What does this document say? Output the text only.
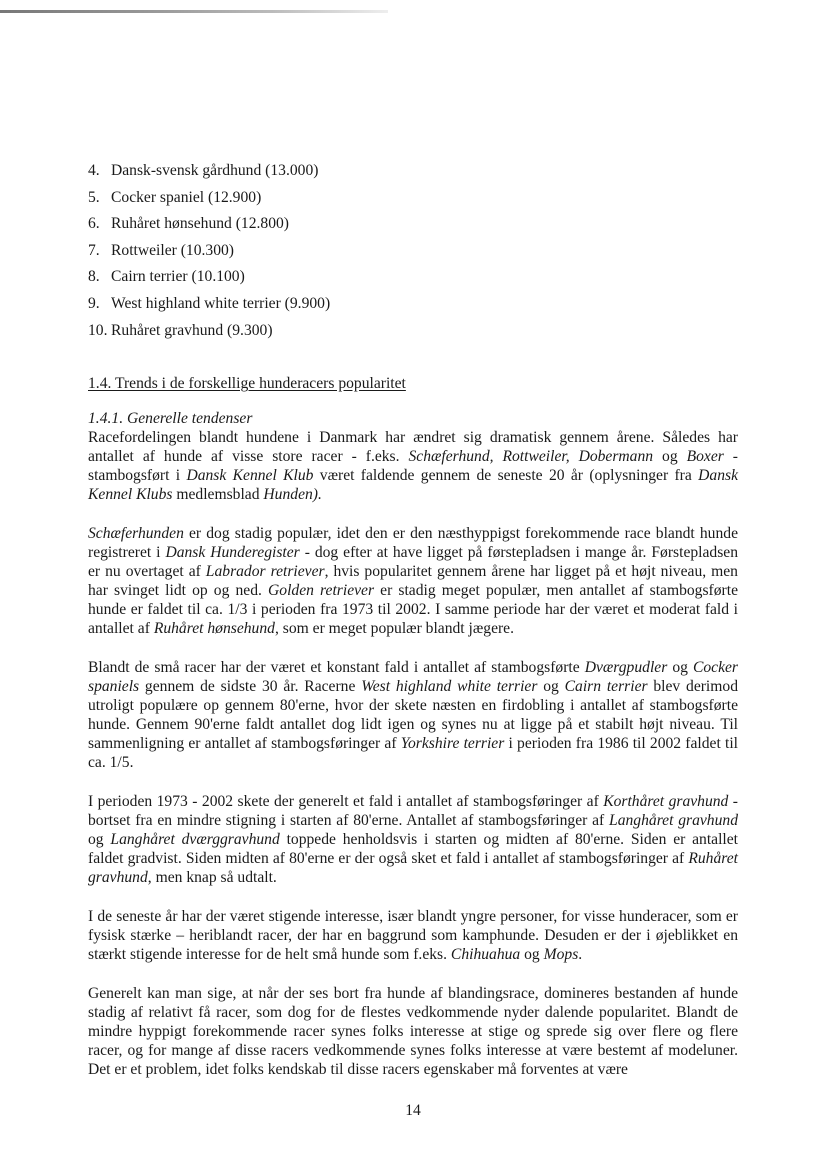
4. Dansk-svensk gårdhund (13.000)
5. Cocker spaniel (12.900)
6. Ruhåret hønsehund (12.800)
7. Rottweiler (10.300)
8. Cairn terrier (10.100)
9. West highland white terrier (9.900)
10. Ruhåret gravhund (9.300)
1.4. Trends i de forskellige hunderacers popularitet
1.4.1. Generelle tendenser

Racefordelingen blandt hundene i Danmark har ændret sig dramatisk gennem årene. Således har antallet af hunde af visse store racer - f.eks. Schæferhund, Rottweiler, Dobermann og Boxer - stambogsført i Dansk Kennel Klub været faldende gennem de seneste 20 år (oplysninger fra Dansk Kennel Klubs medlemsblad Hunden).

Schæferhunden er dog stadig populær, idet den er den næsthyppigst forekommende race blandt hunde registreret i Dansk Hunderegister - dog efter at have ligget på førstepladsen i mange år. Førstepladsen er nu overtaget af Labrador retriever, hvis popularitet gennem årene har ligget på et højt niveau, men har svinget lidt op og ned. Golden retriever er stadig meget populær, men antallet af stambogsførte hunde er faldet til ca. 1/3 i perioden fra 1973 til 2002. I samme periode har der været et moderat fald i antallet af Ruhåret hønsehund, som er meget populær blandt jægere.

Blandt de små racer har der været et konstant fald i antallet af stambogsførte Dværgpudler og Cocker spaniels gennem de sidste 30 år. Racerne West highland white terrier og Cairn terrier blev derimod utroligt populære op gennem 80'erne, hvor der skete næsten en firdobling i antallet af stambogsførte hunde. Gennem 90'erne faldt antallet dog lidt igen og synes nu at ligge på et stabilt højt niveau. Til sammenligning er antallet af stambogsføringer af Yorkshire terrier i perioden fra 1986 til 2002 faldet til ca. 1/5.

I perioden 1973 - 2002 skete der generelt et fald i antallet af stambogsføringer af Korthåret gravhund - bortset fra en mindre stigning i starten af 80'erne. Antallet af stambogsføringer af Langhåret gravhund og Langhåret dværggravhund toppede henholdsvis i starten og midten af 80'erne. Siden er antallet faldet gradvist. Siden midten af 80'erne er der også sket et fald i antallet af stambogsføringer af Ruhåret gravhund, men knap så udtalt.

I de seneste år har der været stigende interesse, især blandt yngre personer, for visse hunderacer, som er fysisk stærke – heriblandt racer, der har en baggrund som kamphunde. Desuden er der i øjeblikket en stærkt stigende interesse for de helt små hunde som f.eks. Chihuahua og Mops.

Generelt kan man sige, at når der ses bort fra hunde af blandingsrace, domineres bestanden af hunde stadig af relativt få racer, som dog for de flestes vedkommende nyder dalende popularitet. Blandt de mindre hyppigt forekommende racer synes folks interesse at stige og sprede sig over flere og flere racer, og for mange af disse racers vedkommende synes folks interesse at være bestemt af modeluner. Det er et problem, idet folks kendskab til disse racers egenskaber må forventes at være

14
